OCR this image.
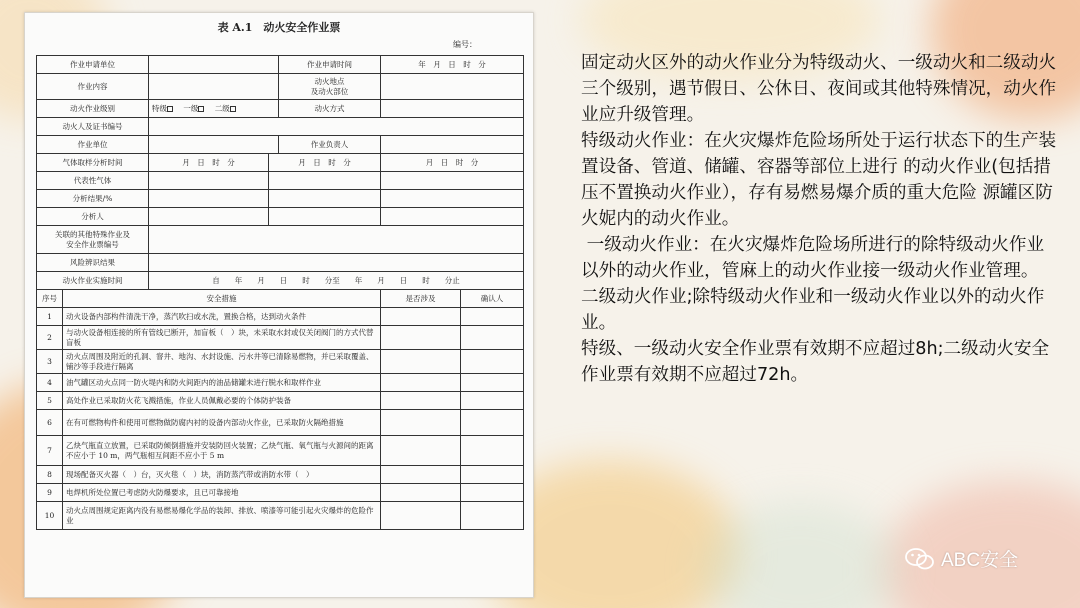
表 A.1　动火安全作业票
编号：
作业申请单位				作业申请时间	年　月　日　时　分	
作业内容				动火地点
及动火部位		
动火作业级别		特级 一级 二级		动火方式		
动火人及证书编号						
作业单位				作业负责人		
气体取样分析时间		月　日　时　分	月　日　时　分		月　日　时　分	
代表性气体						
分析结果/%						
分析人						
关联的其他特殊作业及
安全作业票编号						
风险辨识结果						
动火作业实施时间		自　　年　　月　　日　　时　　分至　　年　　月　　日　　时　　分止				
序号	安全措施				是否涉及	确认人
1	动火设备内部构件清洗干净，蒸汽吹扫或水洗，置换合格，达到动火条件					
2	与动火设备相连接的所有管线已断开，加盲板（　）块，未采取水封或仅关闭阀门的方式代替盲板					
3	动火点周围及附近的孔洞、窨井、地沟、水封设施、污水井等已清除易燃物，并已采取覆盖、铺沙等手段进行隔离					
4	油气罐区动火点同一防火堤内和防火间距内的油品储罐未进行脱水和取样作业					
5	高处作业已采取防火花飞溅措施，作业人员佩戴必要的个体防护装备					
6	在有可燃物构件和使用可燃物做防腐内衬的设备内部动火作业，已采取防火隔绝措施					
7	乙炔气瓶直立放置，已采取防倾倒措施并安装防回火装置；乙炔气瓶、氧气瓶与火源间的距离不应小于 10 m，两气瓶相互间距不应小于 5 m					
8	现场配备灭火器（　）台，灭火毯（　）块，消防蒸汽带或消防水带（　）					
9	电焊机所处位置已考虑防火防爆要求，且已可靠接地					
10	动火点周围规定距离内没有易燃易爆化学品的装卸、排放、喷漆等可能引起火灾爆炸的危险作业					

固定动火区外的动火作业分为特级动火、一级动火和二级动火三个级别，遇节假日、公休日、夜间或其他特殊情况，动火作业应升级管理。

特级动火作业：在火灾爆炸危险场所处于运行状态下的生产装置设备、管道、储罐、容器等部位上进行 的动火作业(包括措压不置换动火作业），存有易燃易爆介质的重大危险 源罐区防火妮内的动火作业。

一级动火作业：在火灾爆炸危险场所进行的除特级动火作业以外的动火作业，管麻上的动火作业接一级动火作业管理。

二级动火作业;除特级动火作业和一级动火作业以外的动火作业。

特级、一级动火安全作业票有效期不应超过8h;二级动火安全作业票有效期不应超过72h。

ABC安全
